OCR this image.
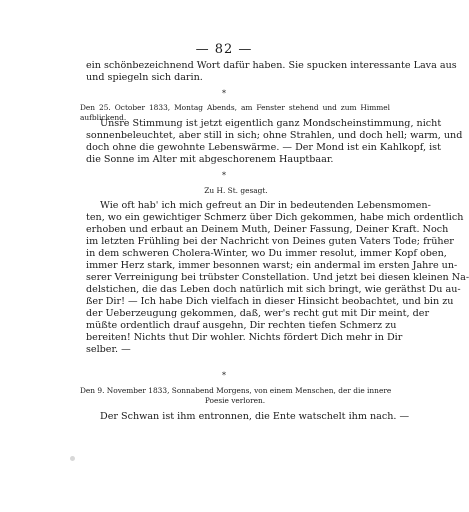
— 82 —
ein schönbezeichnend Wort dafür haben. Sie spucken interessante Lava aus
und spiegeln sich darin.
*
Den 25. October 1833, Montag Abends, am Fenster stehend und zum Himmel aufblickend.
Unsre Stimmung ist jetzt eigentlich ganz Mondscheinstimmung, nicht
sonnenbeleuchtet, aber still in sich; ohne Strahlen, und doch hell; warm, und
doch ohne die gewohnte Lebenswärme. — Der Mond ist ein Kahlkopf, ist
die Sonne im Alter mit abgeschorenem Hauptbaar.
*
Zu H. St. gesagt.
Wie oft hab' ich mich gefreut an Dir in bedeutenden Lebensmomen-
ten, wo ein gewichtiger Schmerz über Dich gekommen, habe mich ordentlich
erhoben und erbaut an Deinem Muth, Deiner Fassung, Deiner Kraft. Noch
im letzten Frühling bei der Nachricht von Deines guten Vaters Tode; früher
in dem schweren Cholera-Winter, wo Du immer resolut, immer Kopf oben,
immer Herz stark, immer besonnen warst; ein andermal im ersten Jahre un-
serer Verreinigung bei trübster Constellation. Und jetzt bei diesen kleinen Na-
delstichen, die das Leben doch natürlich mit sich bringt, wie geräthst Du au-
ßer Dir! — Ich habe Dich vielfach in dieser Hinsicht beobachtet, und bin zu
der Ueberzeugung gekommen, daß, wer's recht gut mit Dir meint, der
müßte ordentlich drauf ausgehn, Dir rechten tiefen Schmerz zu
bereiten! Nichts thut Dir wohler. Nichts fördert Dich mehr in Dir
selber. —
*
Den 9. November 1833, Sonnabend Morgens, von einem Menschen, der die innere
Poesie verloren.
Der Schwan ist ihm entronnen, die Ente watschelt ihm nach. —
